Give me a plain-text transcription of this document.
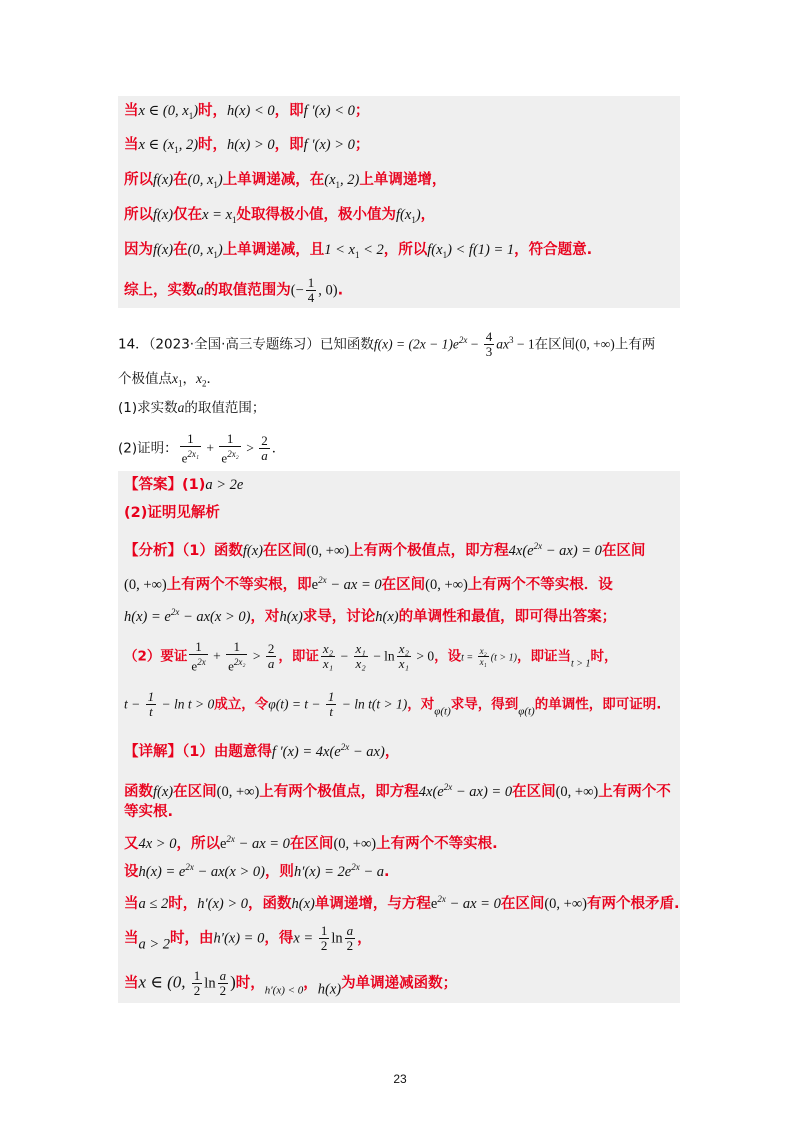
当x ∈ (0, $x_1$)时，h(x) < 0，即f ′(x) < 0；
当x ∈ ($x_1$, 2)时，h(x) > 0，即f ′(x) > 0；
所以f(x)在(0, $x_1$)上单调递减，在($x_1$, 2)上单调递增，
所以f(x)仅在$x = x_1$处取得极小值，极小值为$f(x_1)$，
因为f(x)在(0, $x_1$)上单调递减，且$1 < x_1 < 2$，所以$f(x_1) < f(1) = 1$，符合题意.
综上，实数a的取值范围为(− $\frac{1}{4}$ , 0).
14．（2023·全国·高三专题练习）已知函数$f(x) = (2x - 1)e^{2x} - \frac{4}{3} ax^3 - 1$在区间(0, +∞)上有两
个极值点$x_1$，$x_2$．
(1)求实数a的取值范围；
(2)证明： $\frac{1}{e^{2x_1}} + \frac{1}{e^{2x_2}} > \frac{2}{a}$ ．
【答案】(1)a > 2e
(2)证明见解析
【分析】（1）函数f(x)在区间(0, +∞)上有两个极值点，即方程$4x(e^{2x} - ax) = 0$在区间
(0, +∞)上有两个不等实根，即$e^{2x}$ − ax = 0在区间(0, +∞)上有两个不等实根．设
$h(x) = e^{2x} - ax(x > 0)$，对h(x)求导，讨论h(x)的单调性和最值，即可得出答案；
（2）要证 $\frac{1}{e^{2x}} + \frac{1}{e^{2x_2}} > \frac{2}{a}$ ，即证 $\frac{\text{x₂}}{\text{x₁}} - \frac{\text{x₁}}{\text{x₂}} - \ln \frac{\text{x₂}}{\text{x₁}} > 0$，设$t = \frac{\text{x₂}}{\text{x₁}} (t > 1)$，即证当$_{t > 1}$时，
$t - \frac{1}{t} - \ln t > 0$成立，令$\varphi(t) = t - \frac{1}{t} - \ln t(t > 1)$，对$_{\varphi(t)}$求导，得到$_{\varphi(t)}$的单调性，即可证明.
【详解】（1）由题意得f $'(x) = 4x(e^{2x} - ax)$，
函数f(x)在区间(0, +∞)上有两个极值点，即方程$4x(e^{2x} - ax) = 0$在区间(0, +∞)上有两个不
等实根.
又4x > 0，所以$e^{2x}$ − ax = 0在区间(0, +∞)上有两个不等实根.
设$h(x) = e^{2x} - ax(x > 0)$，则$h'(x) = 2e^{2x} - a$.
当a ≤ 2时，h′(x) > 0，函数h(x)单调递增，与方程$e^{2x}$ − ax = 0在区间(0, +∞)有两个根矛盾.
当a > 2时，由h′(x) = 0，得$x = \frac{1}{2}$ $\ln \frac{a}{2}$ ，
当x ∈ (0, $\frac{1}{2}$ $\ln \frac{a}{2}$ )时，$_{h'(x) < 0}$，h(x)为单调递减函数；
23
